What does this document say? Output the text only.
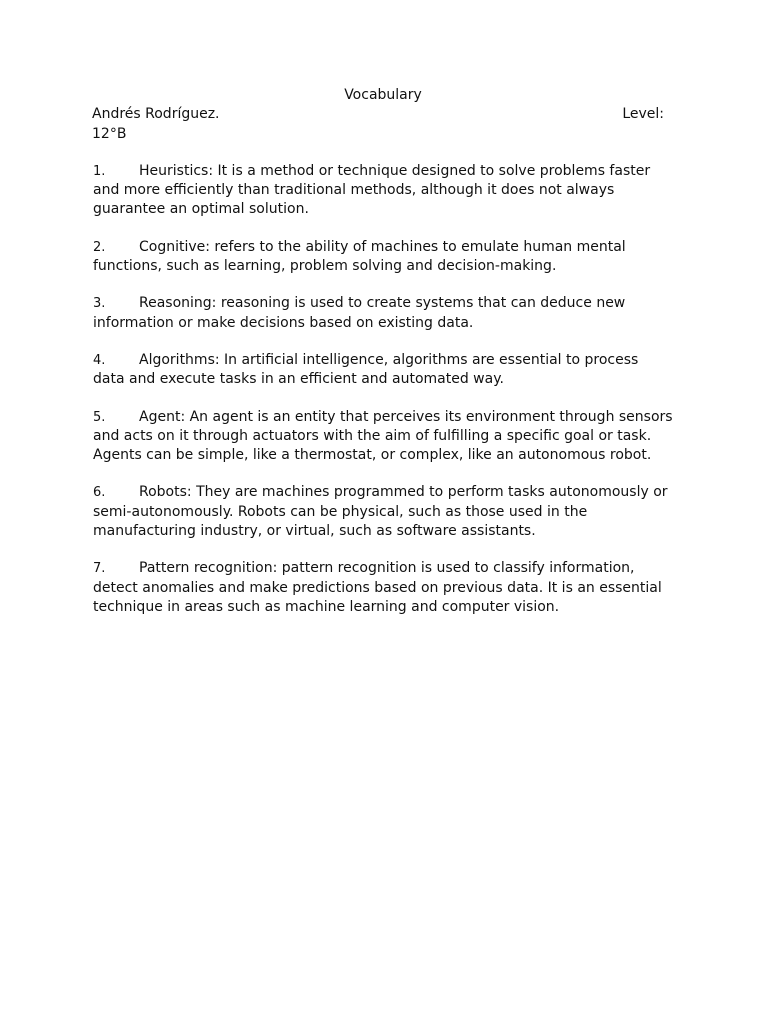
Vocabulary
Andrés Rodríguez.	Level:
12°B

1. Heuristics: It is a method or technique designed to solve problems faster and more efficiently than traditional methods, although it does not always guarantee an optimal solution.

2. Cognitive: refers to the ability of machines to emulate human mental functions, such as learning, problem solving and decision-making.

3. Reasoning: reasoning is used to create systems that can deduce new information or make decisions based on existing data.

4. Algorithms: In artificial intelligence, algorithms are essential to process data and execute tasks in an efficient and automated way.

5. Agent: An agent is an entity that perceives its environment through sensors and acts on it through actuators with the aim of fulfilling a specific goal or task. Agents can be simple, like a thermostat, or complex, like an autonomous robot.

6. Robots: They are machines programmed to perform tasks autonomously or semi-autonomously. Robots can be physical, such as those used in the manufacturing industry, or virtual, such as software assistants.

7. Pattern recognition: pattern recognition is used to classify information, detect anomalies and make predictions based on previous data. It is an essential technique in areas such as machine learning and computer vision.
